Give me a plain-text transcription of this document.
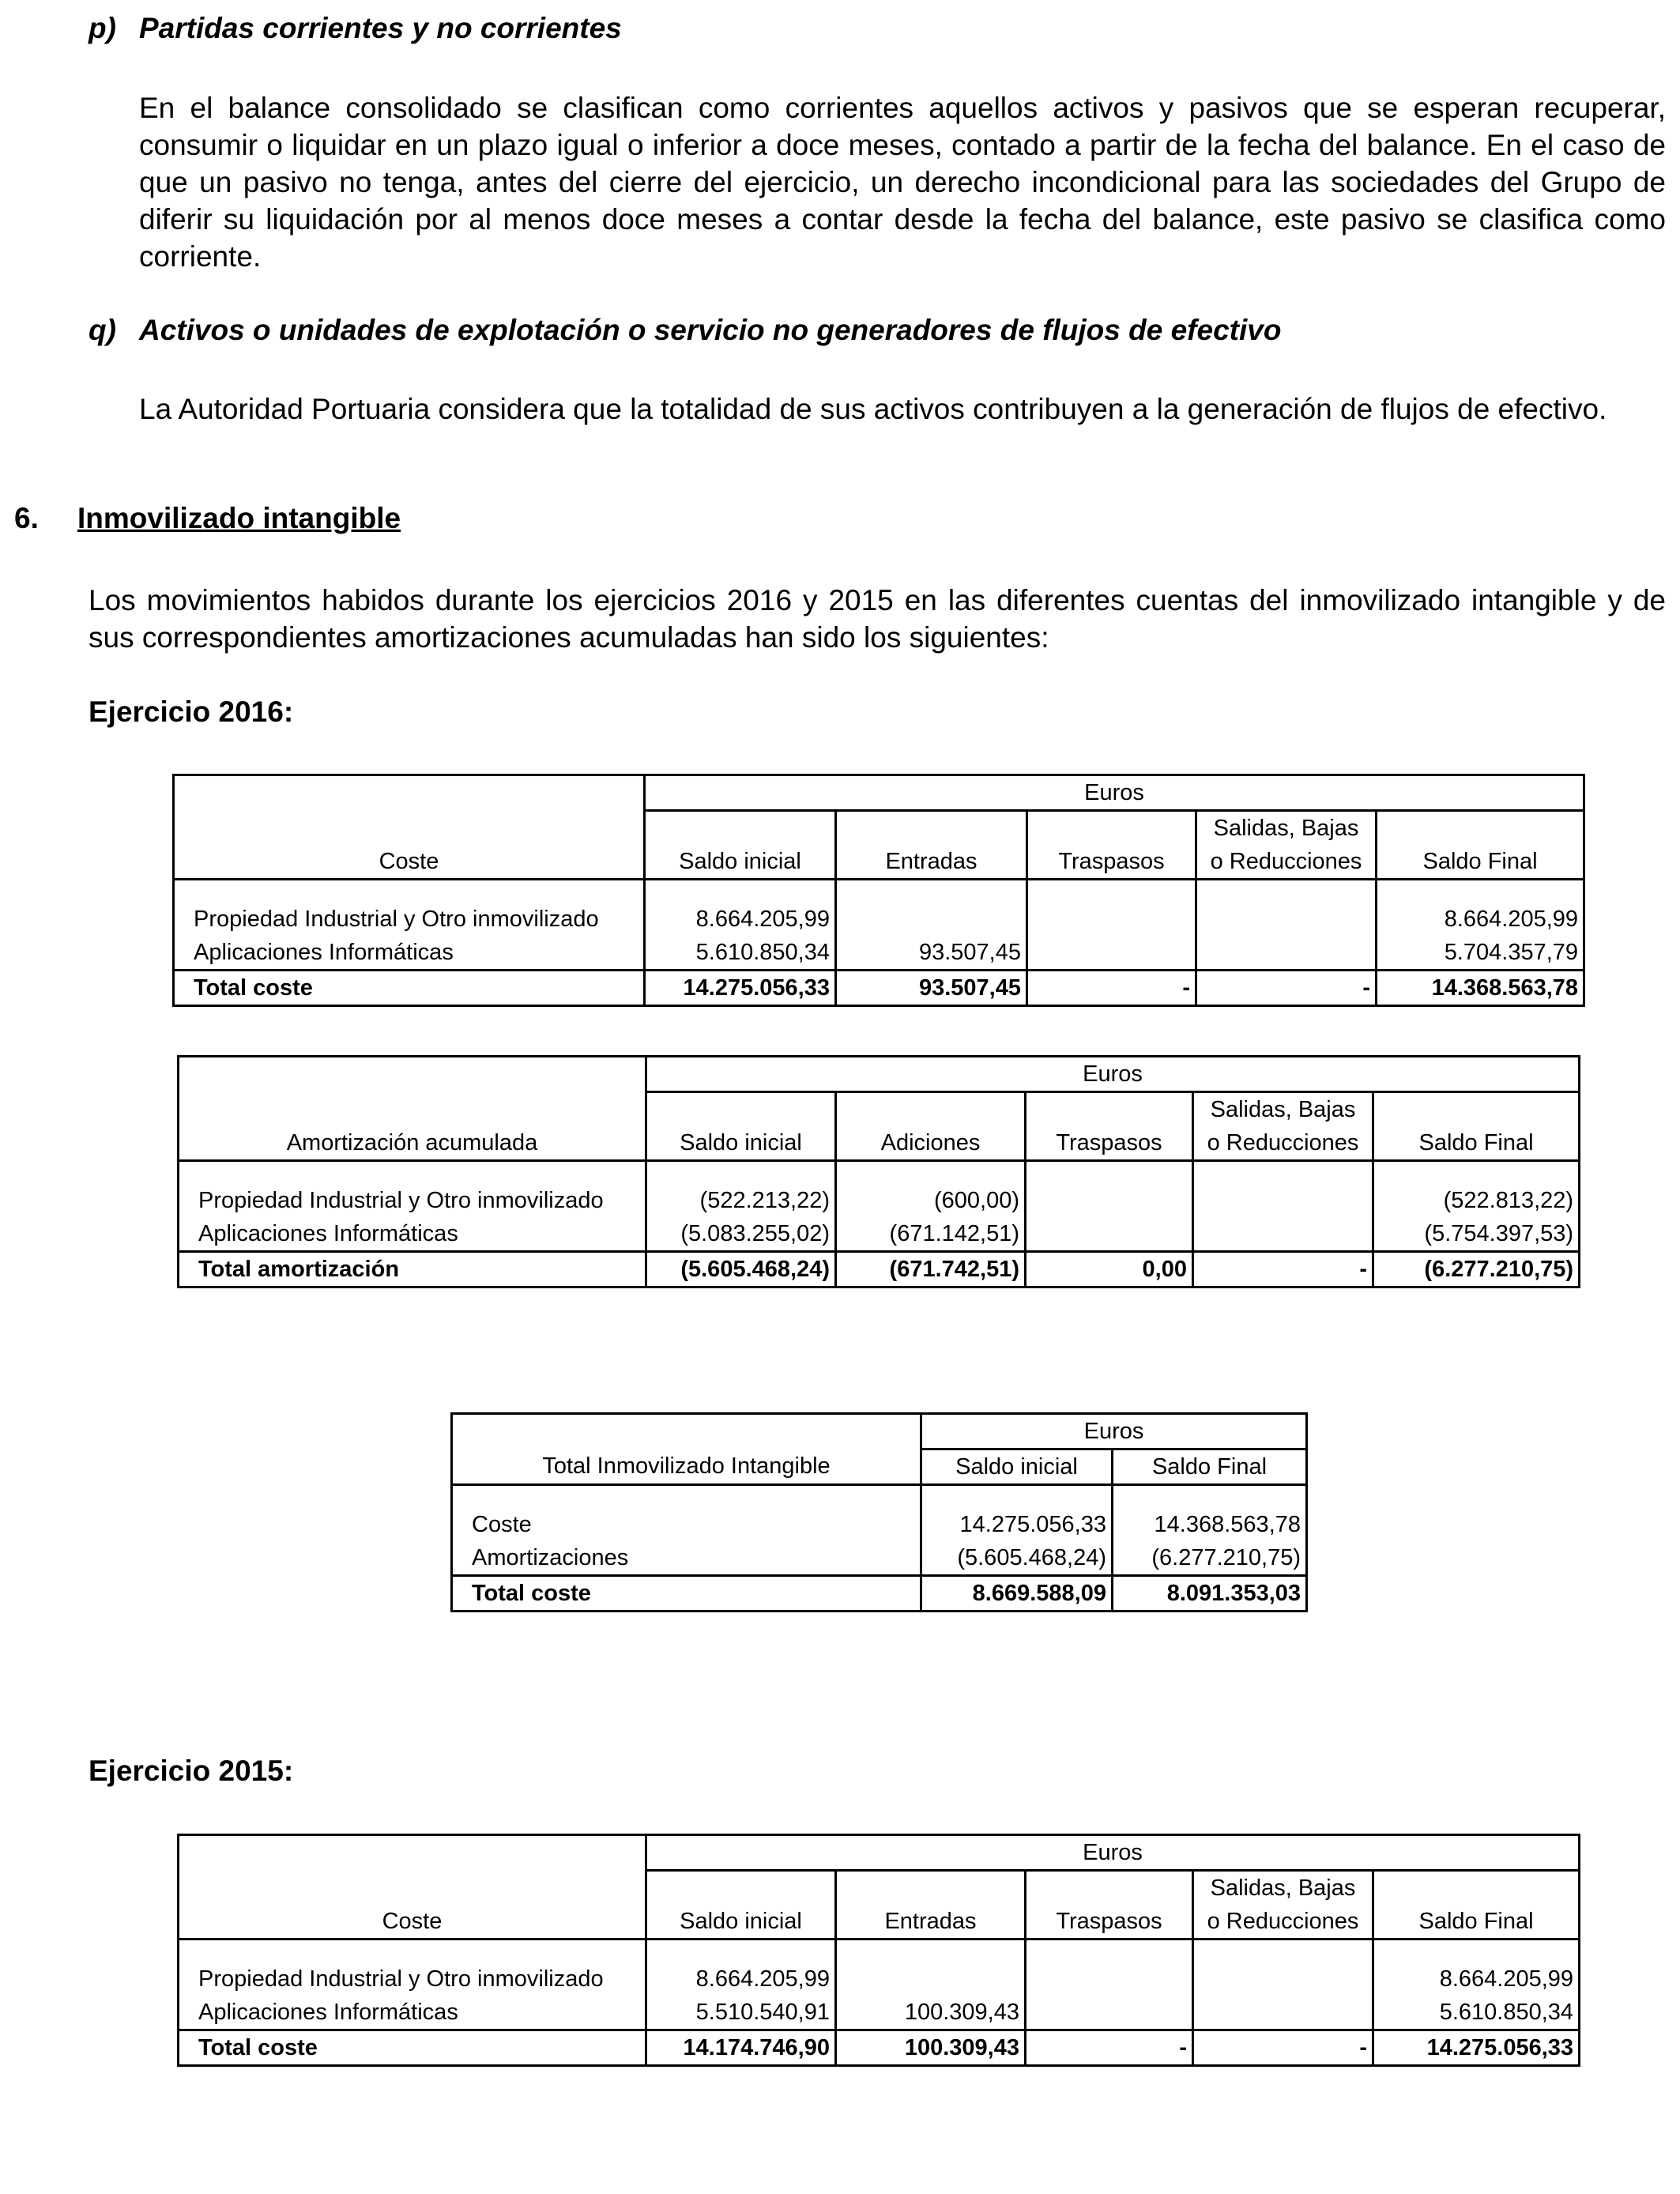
p) Partidas corrientes y no corrientes
En el balance consolidado se clasifican como corrientes aquellos activos y pasivos que se esperan recuperar, consumir o liquidar en un plazo igual o inferior a doce meses, contado a partir de la fecha del balance. En el caso de que un pasivo no tenga, antes del cierre del ejercicio, un derecho incondicional para las sociedades del Grupo de diferir su liquidación por al menos doce meses a contar desde la fecha del balance, este pasivo se clasifica como corriente.
q) Activos o unidades de explotación o servicio no generadores de flujos de efectivo
La Autoridad Portuaria considera que la totalidad de sus activos contribuyen a la generación de flujos de efectivo.
6. Inmovilizado intangible
Los movimientos habidos durante los ejercicios 2016 y 2015 en las diferentes cuentas del inmovilizado intangible y de sus correspondientes amortizaciones acumuladas han sido los siguientes:
Ejercicio 2016:
	Euros				
				Salidas, Bajas	
Coste	Saldo inicial	Entradas	Traspasos	o Reducciones	Saldo Final

Propiedad Industrial y Otro inmovilizado	8.664.205,99				8.664.205,99
Aplicaciones Informáticas	5.610.850,34	93.507,45			5.704.357,79
Total coste	14.275.056,33	93.507,45	-	-	14.368.563,78
	Euros				
				Salidas, Bajas	
Amortización acumulada	Saldo inicial	Adiciones	Traspasos	o Reducciones	Saldo Final

Propiedad Industrial y Otro inmovilizado	(522.213,22)	(600,00)			(522.813,22)
Aplicaciones Informáticas	(5.083.255,02)	(671.142,51)			(5.754.397,53)
Total amortización	(5.605.468,24)	(671.742,51)	0,00	-	(6.277.210,75)
	Euros	
Total Inmovilizado Intangible	Saldo inicial	Saldo Final

Coste	14.275.056,33	14.368.563,78
Amortizaciones	(5.605.468,24)	(6.277.210,75)
Total coste	8.669.588,09	8.091.353,03
Ejercicio 2015:
	Euros				
				Salidas, Bajas	
Coste	Saldo inicial	Entradas	Traspasos	o Reducciones	Saldo Final

Propiedad Industrial y Otro inmovilizado	8.664.205,99				8.664.205,99
Aplicaciones Informáticas	5.510.540,91	100.309,43			5.610.850,34
Total coste	14.174.746,90	100.309,43	-	-	14.275.056,33
